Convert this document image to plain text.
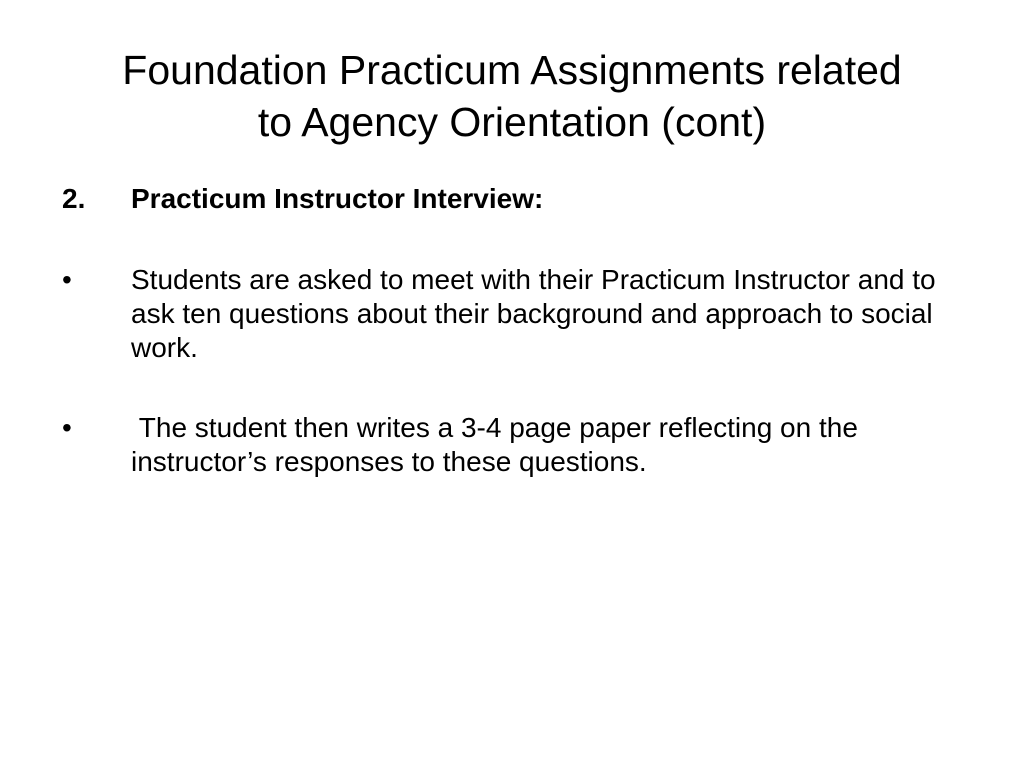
Foundation Practicum Assignments related
to Agency Orientation (cont)
2. Practicum Instructor Interview:
• Students are asked to meet with their Practicum Instructor and to ask ten questions about their background and approach to social work.
• The student then writes a 3-4 page paper reflecting on the instructor’s responses to these questions.
